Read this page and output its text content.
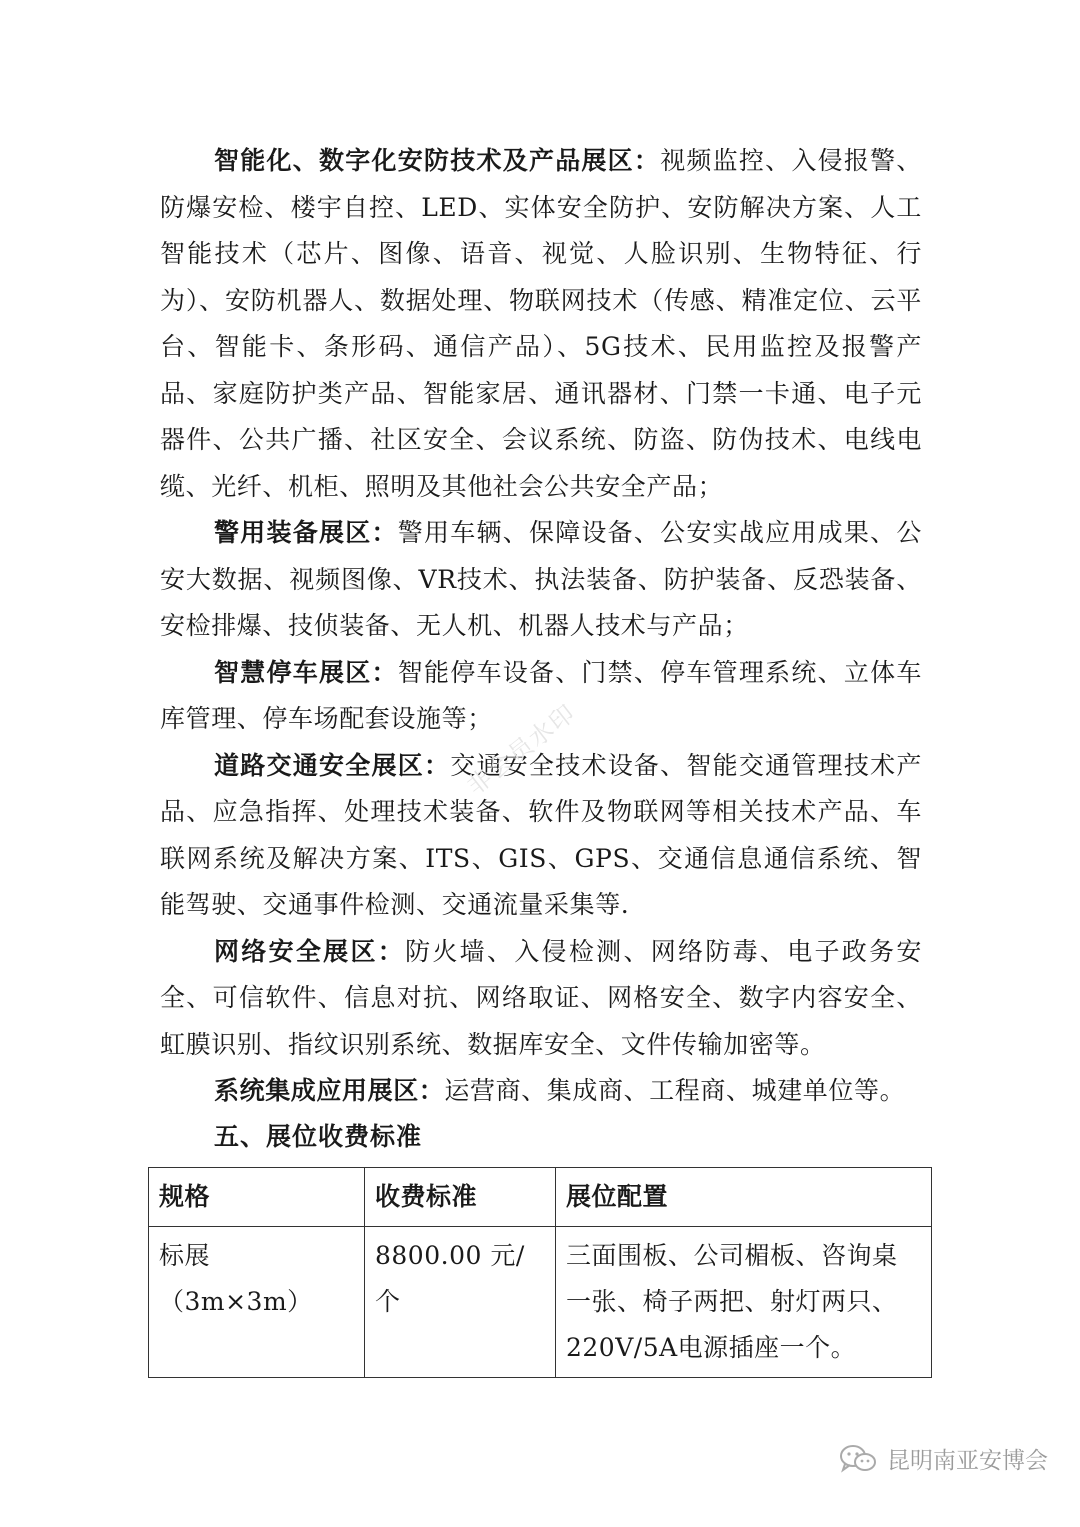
智能化、数字化安防技术及产品展区：视频监控、入侵报警、防爆安检、楼宇自控、LED、实体安全防护、安防解决方案、人工智能技术（芯片、图像、语音、视觉、人脸识别、生物特征、行为）、安防机器人、数据处理、物联网技术（传感、精准定位、云平台、智能卡、条形码、通信产品）、5G技术、民用监控及报警产品、家庭防护类产品、智能家居、通讯器材、门禁一卡通、电子元器件、公共广播、社区安全、会议系统、防盗、防伪技术、电线电缆、光纤、机柜、照明及其他社会公共安全产品；

警用装备展区：警用车辆、保障设备、公安实战应用成果、公安大数据、视频图像、VR技术、执法装备、防护装备、反恐装备、安检排爆、技侦装备、无人机、机器人技术与产品；

智慧停车展区：智能停车设备、门禁、停车管理系统、立体车库管理、停车场配套设施等；

道路交通安全展区：交通安全技术设备、智能交通管理技术产品、应急指挥、处理技术装备、软件及物联网等相关技术产品、车联网系统及解决方案、ITS、GIS、GPS、交通信息通信系统、智能驾驶、交通事件检测、交通流量采集等.

网络安全展区：防火墙、入侵检测、网络防毒、电子政务安全、可信软件、信息对抗、网络取证、网格安全、数字内容安全、虹膜识别、指纹识别系统、数据库安全、文件传输加密等。

系统集成应用展区：运营商、集成商、工程商、城建单位等。

五、展位收费标准

规格	收费标准	展位配置

标展
（3m×3m）	8800.00 元/个	三面围板、公司楣板、咨询桌一张、椅子两把、射灯两只、220V/5A电源插座一个。
非会员水印
昆明南亚安博会
